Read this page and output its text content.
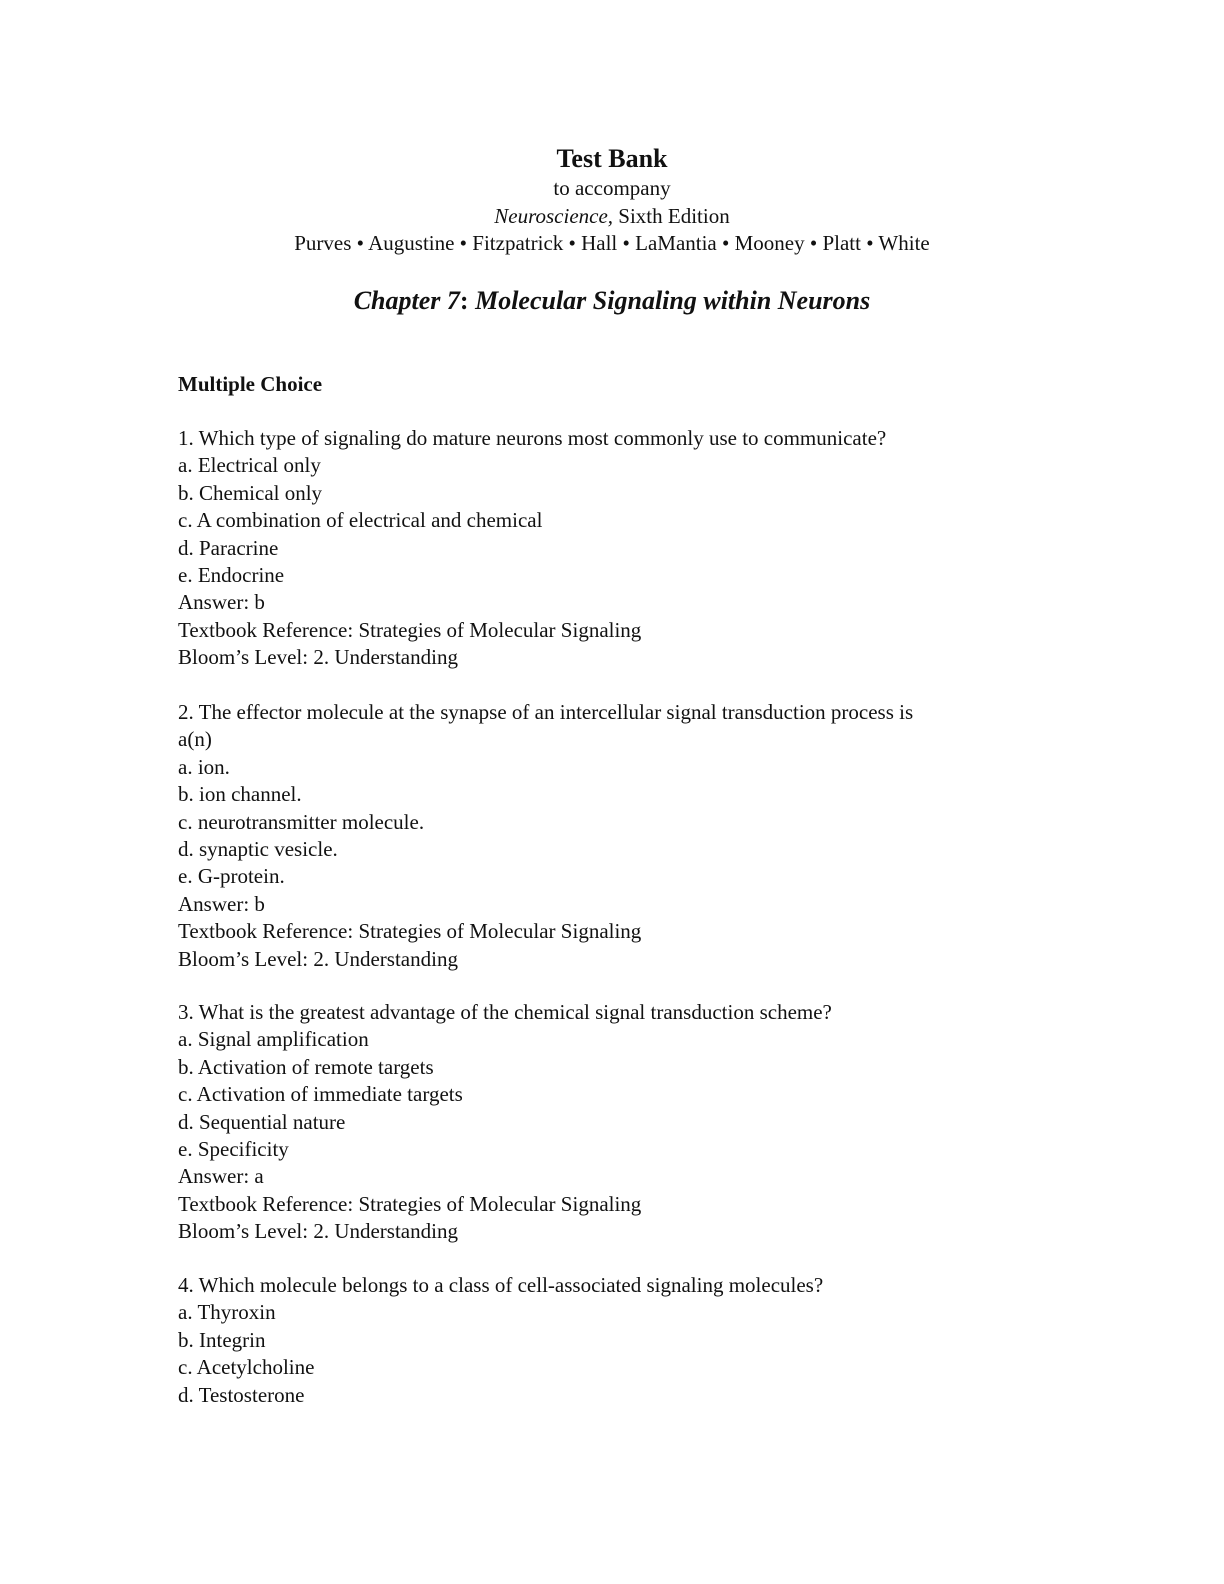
Test Bank

to accompany

Neuroscience, Sixth Edition

Purves • Augustine • Fitzpatrick • Hall • LaMantia • Mooney • Platt • White

Chapter 7: Molecular Signaling within Neurons

Multiple Choice

1. Which type of signaling do mature neurons most commonly use to communicate?

a. Electrical only

b. Chemical only

c. A combination of electrical and chemical

d. Paracrine

e. Endocrine

Answer: b

Textbook Reference: Strategies of Molecular Signaling

Bloom’s Level: 2. Understanding

2. The effector molecule at the synapse of an intercellular signal transduction process is

a(n)

a. ion.

b. ion channel.

c. neurotransmitter molecule.

d. synaptic vesicle.

e. G-protein.

Answer: b

Textbook Reference: Strategies of Molecular Signaling

Bloom’s Level: 2. Understanding

3. What is the greatest advantage of the chemical signal transduction scheme?

a. Signal amplification

b. Activation of remote targets

c. Activation of immediate targets

d. Sequential nature

e. Specificity

Answer: a

Textbook Reference: Strategies of Molecular Signaling

Bloom’s Level: 2. Understanding

4. Which molecule belongs to a class of cell-associated signaling molecules?

a. Thyroxin

b. Integrin

c. Acetylcholine

d. Testosterone
